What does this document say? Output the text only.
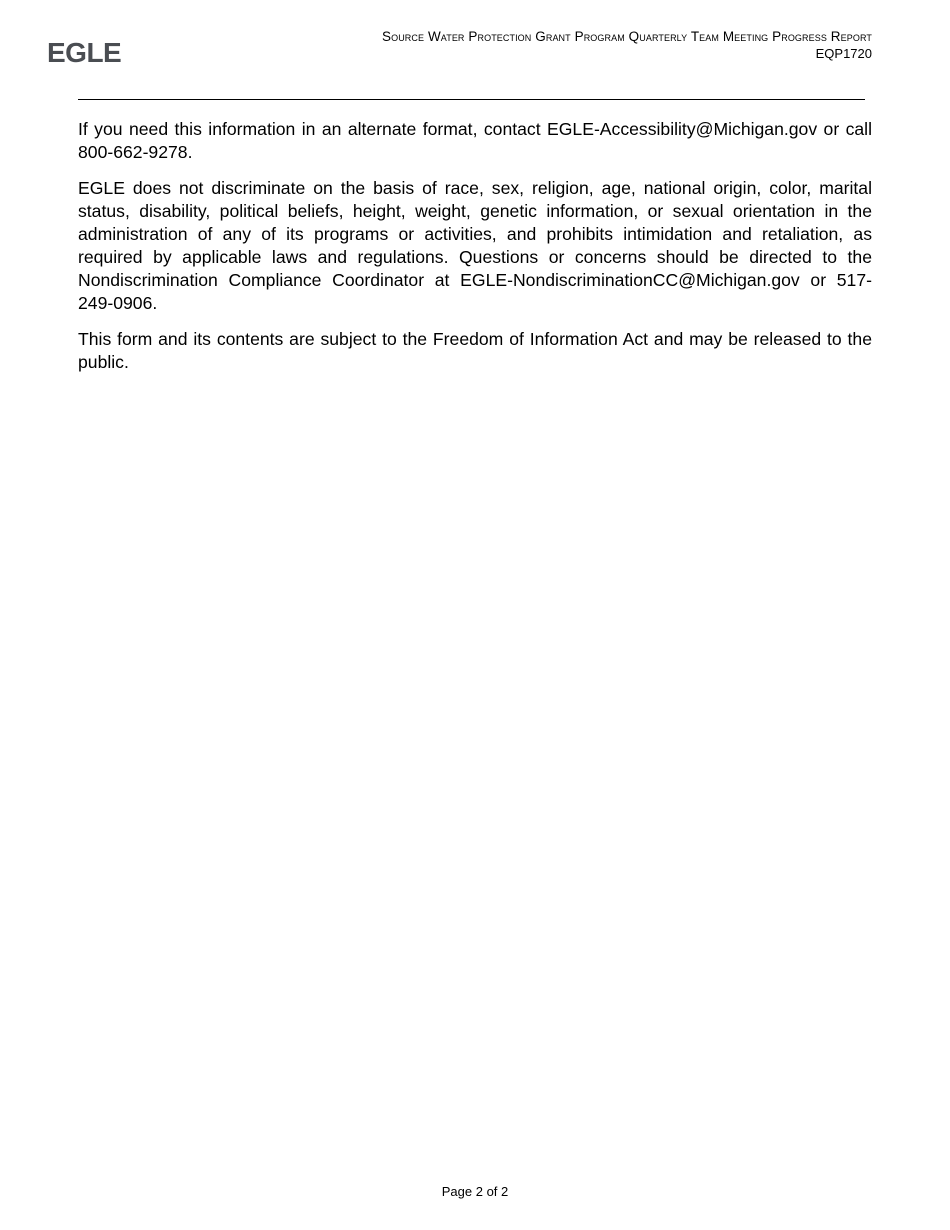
EGLE
Source Water Protection Grant Program Quarterly Team Meeting Progress Report
EQP1720

If you need this information in an alternate format, contact EGLE-Accessibility@Michigan.gov or call 800-662-9278.

EGLE does not discriminate on the basis of race, sex, religion, age, national origin, color, marital status, disability, political beliefs, height, weight, genetic information, or sexual orientation in the administration of any of its programs or activities, and prohibits intimidation and retaliation, as required by applicable laws and regulations. Questions or concerns should be directed to the Nondiscrimination Compliance Coordinator at EGLE-NondiscriminationCC@Michigan.gov or 517-249-0906.

This form and its contents are subject to the Freedom of Information Act and may be released to the public.

Page 2 of 2
